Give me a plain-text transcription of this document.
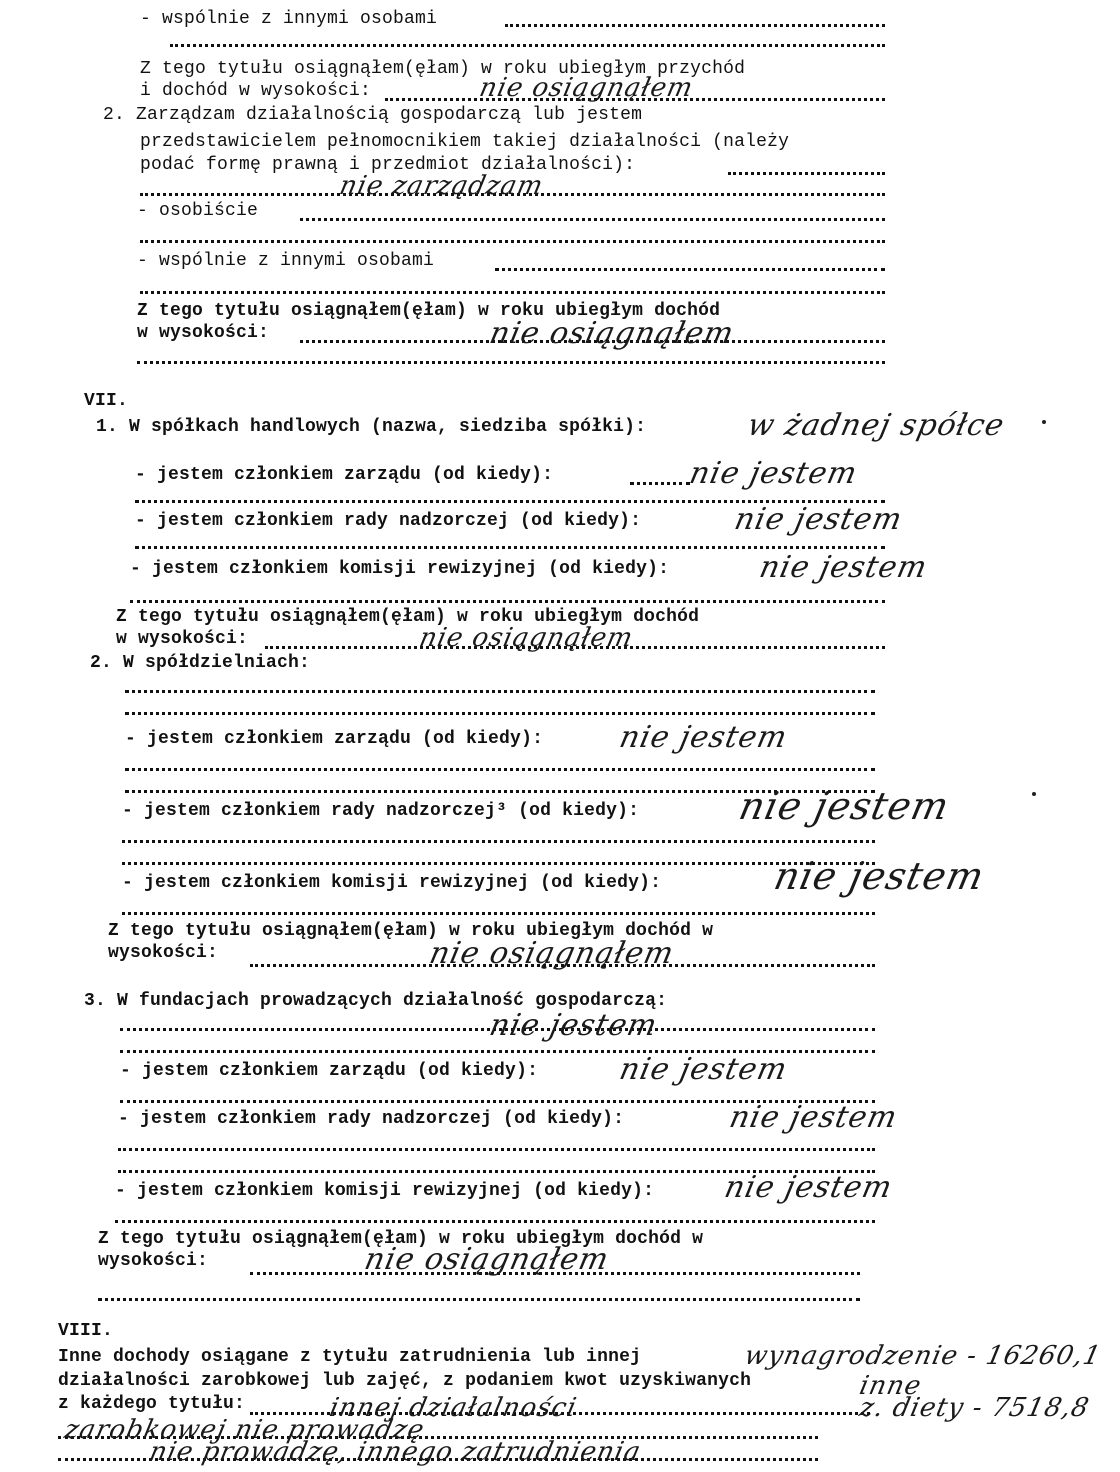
- wspólnie z innymi osobami
Z tego tytułu osiągnąłem(ęłam) w roku ubiegłym przychód
i dochód w wysokości:	nie osiągnąłem
2. Zarządzam działalnością gospodarczą lub jestem
przedstawicielem pełnomocnikiem takiej działalności (należy
podać formę prawną i przedmiot działalności):
nie zarządzam
- osobiście
- wspólnie z innymi osobami
Z tego tytułu osiągnąłem(ęłam) w roku ubiegłym dochód
w wysokości:	nie osiągnąłem
VII.
1. W spółkach handlowych (nazwa, siedziba spółki):	w żadnej spółce
- jestem członkiem zarządu (od kiedy):	nie jestem
- jestem członkiem rady nadzorczej (od kiedy):	nie jestem
- jestem członkiem komisji rewizyjnej (od kiedy):	nie jestem
Z tego tytułu osiągnąłem(ęłam) w roku ubiegłym dochód
w wysokości:	nie osiągnąłem
2. W spółdzielniach:
- jestem członkiem zarządu (od kiedy): nie jestem
- jestem członkiem rady nadzorczej³ (od kiedy):	nie jestem
- jestem członkiem komisji rewizyjnej (od kiedy):	nie jestem
Z tego tytułu osiągnąłem(ęłam) w roku ubiegłym dochód w
wysokości:	nie osiągnąłem
3. W fundacjach prowadzących działalność gospodarczą:
nie jestem
- jestem członkiem zarządu (od kiedy):	nie jestem
- jestem członkiem rady nadzorczej (od kiedy):	nie jestem
- jestem członkiem komisji rewizyjnej (od kiedy): nie jestem
Z tego tytułu osiągnąłem(ęłam) w roku ubiegłym dochód w
wysokości:	nie osiągnąłem
VIII.
Inne dochody osiągane z tytułu zatrudnienia lub innej
działalności zarobkowej lub zajęć, z podaniem kwot uzyskiwanych
z każdego tytułu:
wynagrodzenie - 16260,1
inne
z. diety - 7518,8
innej działalności
zarobkowej nie prowadzę
nie prowadzę, innego zatrudnienia
